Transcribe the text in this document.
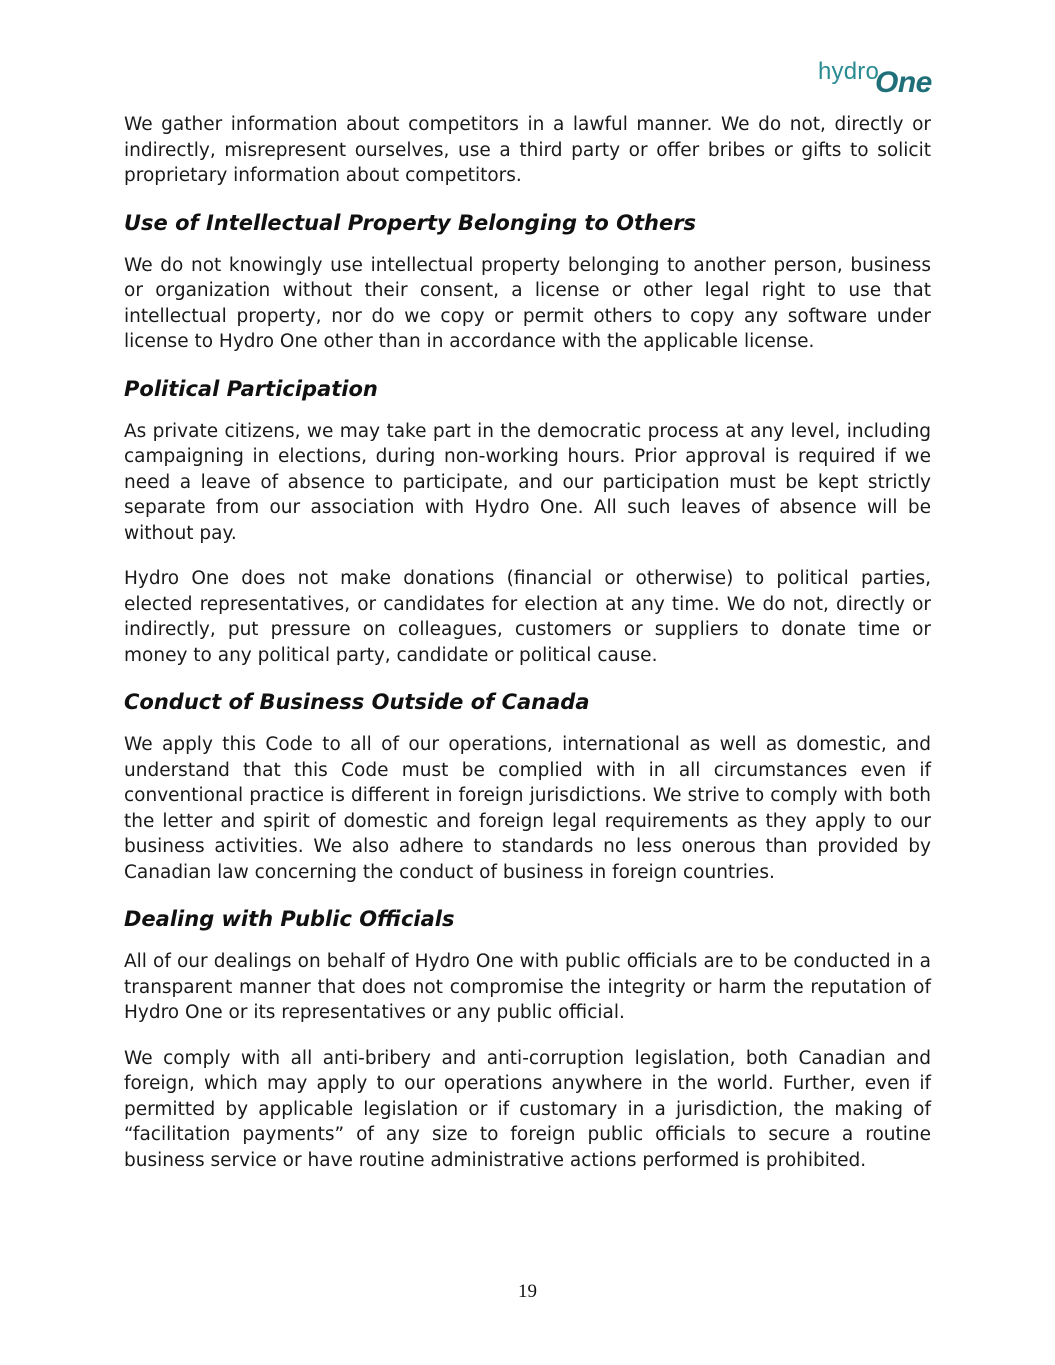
hydro
One

We gather information about competitors in a lawful manner. We do not, directly or indirectly, misrepresent ourselves, use a third party or offer bribes or gifts to solicit proprietary information about competitors.

Use of Intellectual Property Belonging to Others

We do not knowingly use intellectual property belonging to another person, business or organization without their consent, a license or other legal right to use that intellectual property, nor do we copy or permit others to copy any software under license to Hydro One other than in accordance with the applicable license.

Political Participation

As private citizens, we may take part in the democratic process at any level, including campaigning in elections, during non-working hours. Prior approval is required if we need a leave of absence to participate, and our participation must be kept strictly separate from our association with Hydro One. All such leaves of absence will be without pay.

Hydro One does not make donations (financial or otherwise) to political parties, elected representatives, or candidates for election at any time. We do not, directly or indirectly, put pressure on colleagues, customers or suppliers to donate time or money to any political party, candidate or political cause.

Conduct of Business Outside of Canada

We apply this Code to all of our operations, international as well as domestic, and understand that this Code must be complied with in all circumstances even if conventional practice is different in foreign jurisdictions. We strive to comply with both the letter and spirit of domestic and foreign legal requirements as they apply to our business activities. We also adhere to standards no less onerous than provided by Canadian law concerning the conduct of business in foreign countries.

Dealing with Public Officials

All of our dealings on behalf of Hydro One with public officials are to be conducted in a transparent manner that does not compromise the integrity or harm the reputation of Hydro One or its representatives or any public official.

We comply with all anti-bribery and anti-corruption legislation, both Canadian and foreign, which may apply to our operations anywhere in the world. Further, even if permitted by applicable legislation or if customary in a jurisdiction, the making of “facilitation payments” of any size to foreign public officials to secure a routine business service or have routine administrative actions performed is prohibited.

19
